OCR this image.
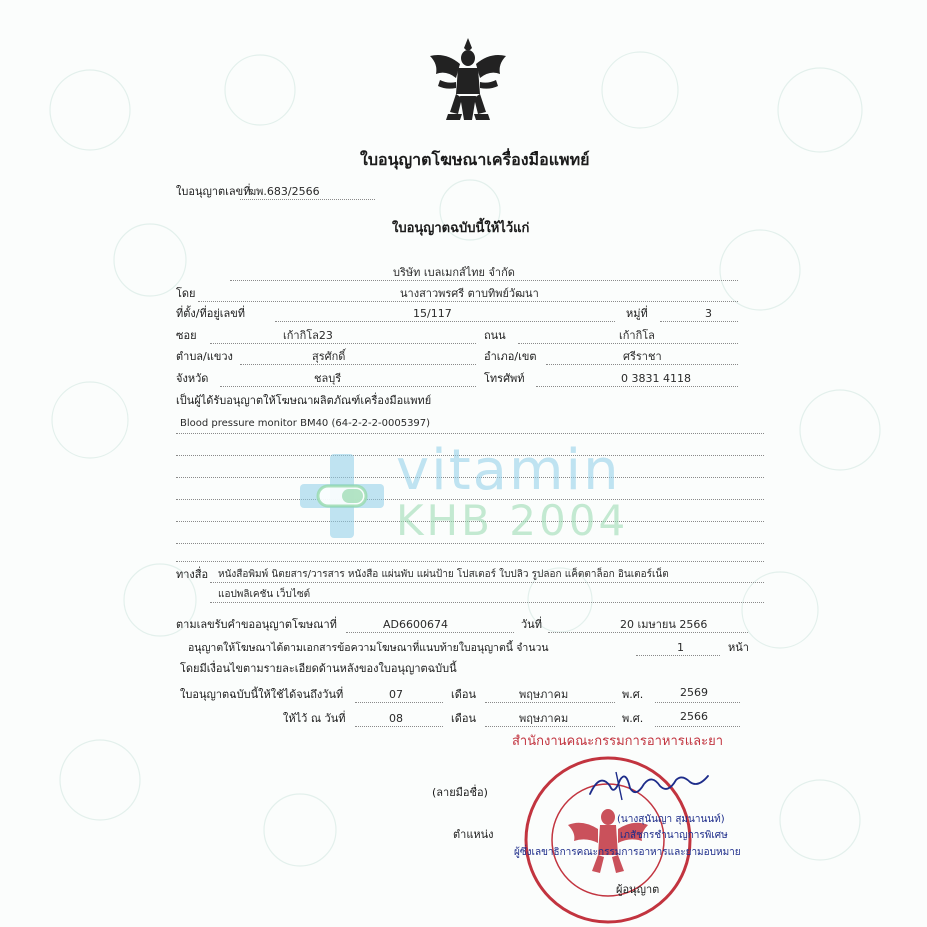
ใบอนุญาตโฆษณาเครื่องมือแพทย์
ใบอนุญาตเลขที่
ฆพ.683/2566
ใบอนุญาตฉบับนี้ให้ไว้แก่
บริษัท เบลเมกส์ไทย จำกัด
โดย	นางสาวพรศรี ตาบทิพย์วัฒนา
ที่ตั้ง/ที่อยู่เลขที่	15/117	หมู่ที่	3
ซอย	เก้ากิโล23	ถนน	เก้ากิโล
ตำบล/แขวง	สุรศักดิ์	อำเภอ/เขต	ศรีราชา
จังหวัด	ชลบุรี	โทรศัพท์	0 3831 4118
เป็นผู้ได้รับอนุญาตให้โฆษณาผลิตภัณฑ์เครื่องมือแพทย์
Blood pressure monitor BM40 (64-2-2-2-0005397)
vitamin
KHB 2004
ทางสื่อ หนังสือพิมพ์ นิตยสาร/วารสาร หนังสือ แผ่นพับ แผ่นป้าย โปสเตอร์ ใบปลิว รูปลอก แค็ตตาล็อก อินเตอร์เน็ต
แอปพลิเคชัน เว็บไซต์
ตามเลขรับคำขออนุญาตโฆษณาที่	AD6600674	วันที่	20 เมษายน 2566
อนุญาตให้โฆษณาได้ตามเอกสารข้อความโฆษณาที่แนบท้ายใบอนุญาตนี้ จำนวน	1	หน้า
โดยมีเงื่อนไขตามรายละเอียดด้านหลังของใบอนุญาตฉบับนี้
ใบอนุญาตฉบับนี้ให้ใช้ได้จนถึงวันที่	07	เดือน	พฤษภาคม	พ.ศ.	2569
ให้ไว้ ณ วันที่	08	เดือน	พฤษภาคม	พ.ศ.	2566
(ลายมือชื่อ)
ตำแหน่ง
สำนักงานคณะกรรมการอาหารและยา
(นางสุนันญา สุมนานนท์)
เภสัชกรชำนาญการพิเศษ
ผู้ซึ่งเลขาธิการคณะกรรมการอาหารและยามอบหมาย
ผู้อนุญาต
